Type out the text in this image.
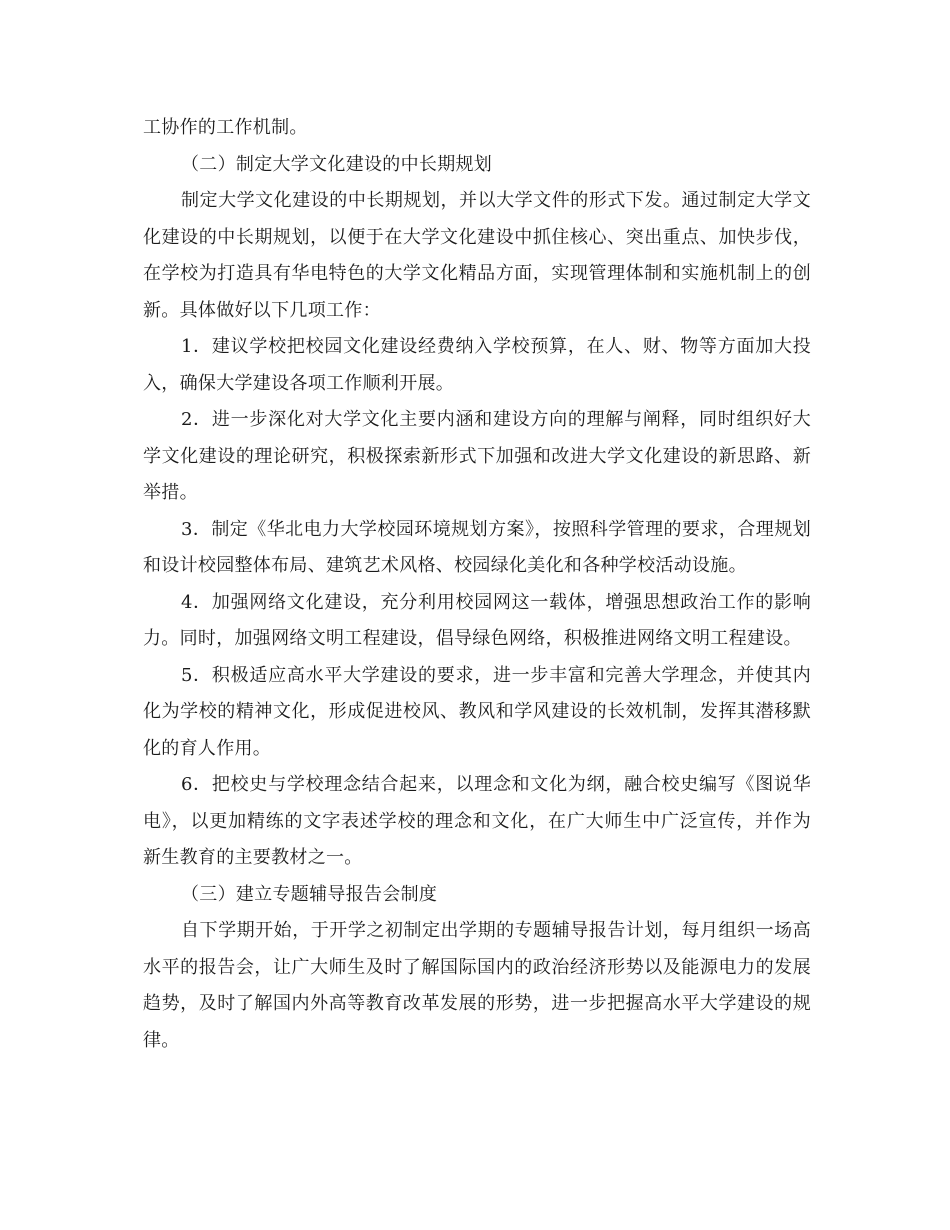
工协作的工作机制。

（二）制定大学文化建设的中长期规划

制定大学文化建设的中长期规划，并以大学文件的形式下发。通过制定大学文化建设的中长期规划，以便于在大学文化建设中抓住核心、突出重点、加快步伐，在学校为打造具有华电特色的大学文化精品方面，实现管理体制和实施机制上的创新。具体做好以下几项工作：

1．建议学校把校园文化建设经费纳入学校预算，在人、财、物等方面加大投入，确保大学建设各项工作顺利开展。

2．进一步深化对大学文化主要内涵和建设方向的理解与阐释，同时组织好大学文化建设的理论研究，积极探索新形式下加强和改进大学文化建设的新思路、新举措。

3．制定《华北电力大学校园环境规划方案》，按照科学管理的要求，合理规划和设计校园整体布局、建筑艺术风格、校园绿化美化和各种学校活动设施。

4．加强网络文化建设，充分利用校园网这一载体，增强思想政治工作的影响力。同时，加强网络文明工程建设，倡导绿色网络，积极推进网络文明工程建设。

5．积极适应高水平大学建设的要求，进一步丰富和完善大学理念，并使其内化为学校的精神文化，形成促进校风、教风和学风建设的长效机制，发挥其潜移默化的育人作用。

6．把校史与学校理念结合起来，以理念和文化为纲，融合校史编写《图说华电》，以更加精练的文字表述学校的理念和文化，在广大师生中广泛宣传，并作为新生教育的主要教材之一。

（三）建立专题辅导报告会制度

自下学期开始，于开学之初制定出学期的专题辅导报告计划，每月组织一场高水平的报告会，让广大师生及时了解国际国内的政治经济形势以及能源电力的发展趋势，及时了解国内外高等教育改革发展的形势，进一步把握高水平大学建设的规律。
